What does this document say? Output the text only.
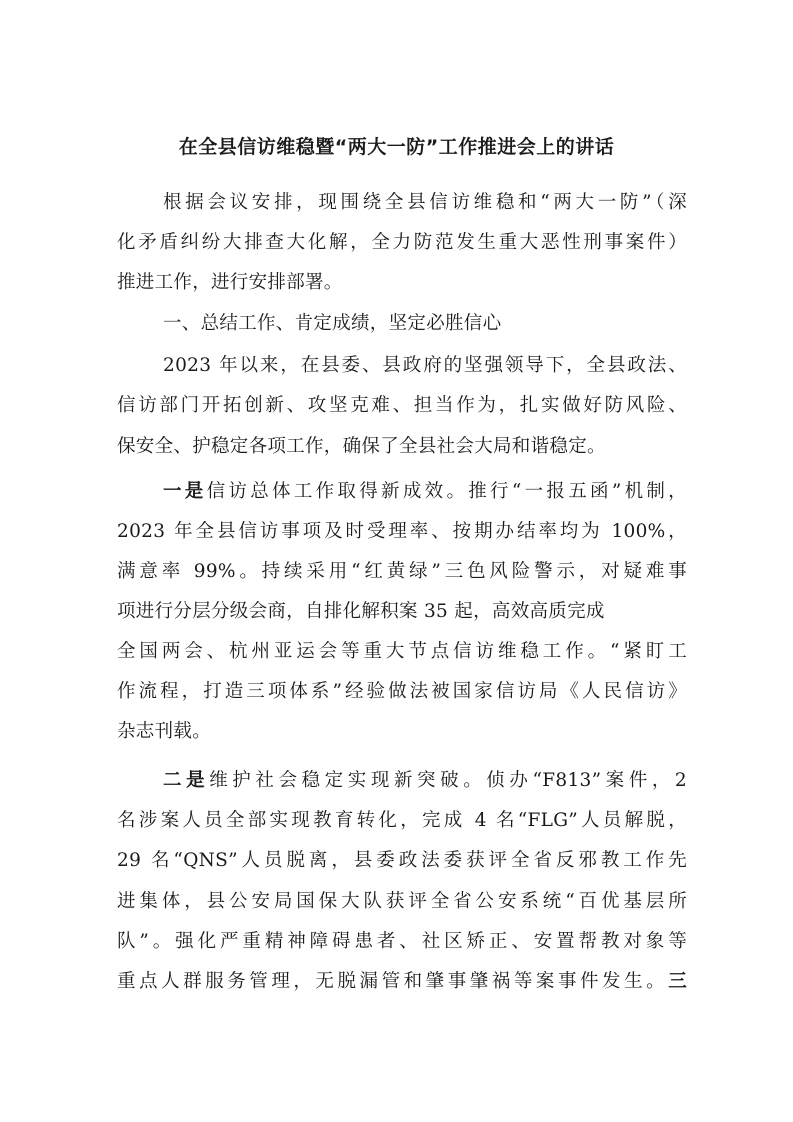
在全县信访维稳暨“两大一防”工作推进会上的讲话

根据会议安排，现围绕全县信访维稳和“两大一防”（深

化矛盾纠纷大排查大化解，全力防范发生重大恶性刑事案件）

推进工作，进行安排部署。

一、总结工作、肯定成绩，坚定必胜信心

2023 年以来，在县委、县政府的坚强领导下，全县政法、

信访部门开拓创新、攻坚克难、担当作为，扎实做好防风险、

保安全、护稳定各项工作，确保了全县社会大局和谐稳定。

一是信访总体工作取得新成效。推行“一报五函”机制，

2023 年全县信访事项及时受理率、按期办结率均为 100%，

满意率 99%。持续采用“红黄绿”三色风险警示，对疑难事

项进行分层分级会商，自排化解积案 35 起，高效高质完成

全国两会、杭州亚运会等重大节点信访维稳工作。“紧盯工

作流程，打造三项体系”经验做法被国家信访局《人民信访》

杂志刊载。

二是维护社会稳定实现新突破。侦办“F813”案件，2

名涉案人员全部实现教育转化，完成 4 名“FLG”人员解脱，

29 名“QNS”人员脱离，县委政法委获评全省反邪教工作先

进集体，县公安局国保大队获评全省公安系统“百优基层所

队”。强化严重精神障碍患者、社区矫正、安置帮教对象等

重点人群服务管理，无脱漏管和肇事肇祸等案事件发生。三
